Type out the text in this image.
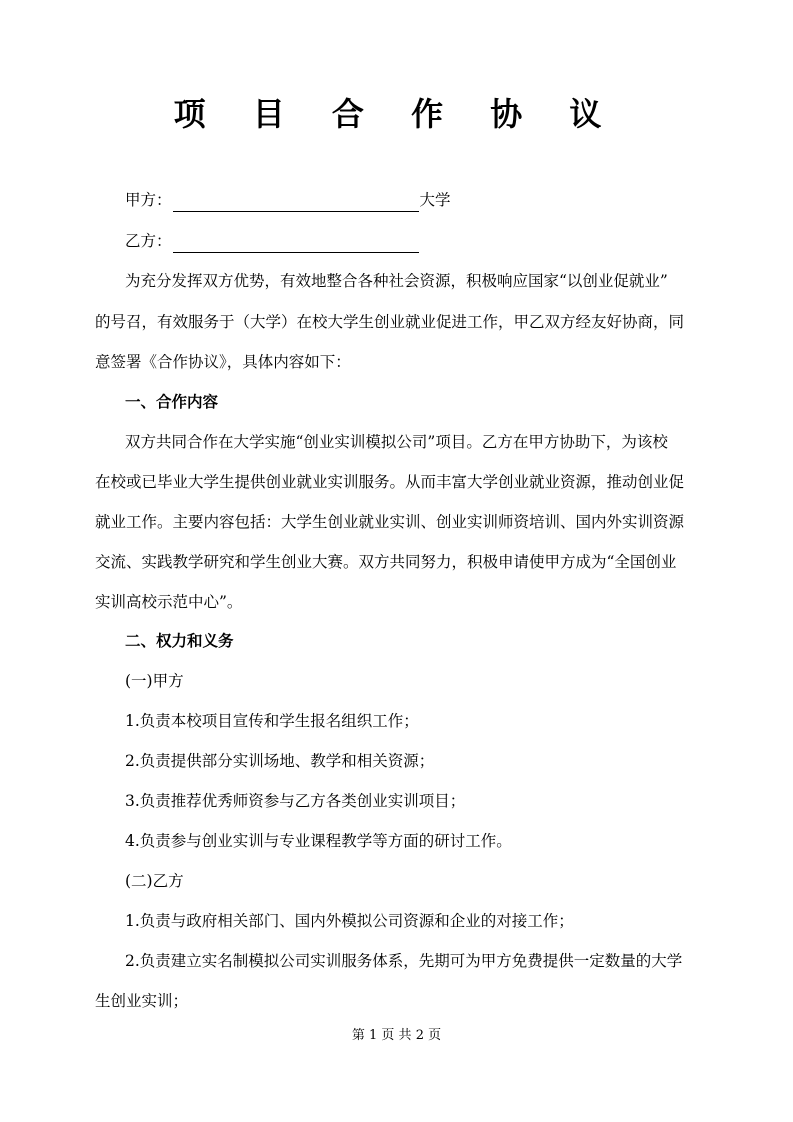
项 目 合 作 协 议
甲方：	大学
乙方：
为充分发挥双方优势，有效地整合各种社会资源，积极响应国家“以创业促就业”
的号召，有效服务于（大学）在校大学生创业就业促进工作，甲乙双方经友好协商，同
意签署《合作协议》，具体内容如下：
一、合作内容
双方共同合作在大学实施“创业实训模拟公司”项目。乙方在甲方协助下，为该校
在校或已毕业大学生提供创业就业实训服务。从而丰富大学创业就业资源，推动创业促
就业工作。主要内容包括：大学生创业就业实训、创业实训师资培训、国内外实训资源
交流、实践教学研究和学生创业大赛。双方共同努力，积极申请使甲方成为“全国创业
实训高校示范中心”。
二、权力和义务
(一)甲方
1.负责本校项目宣传和学生报名组织工作；
2.负责提供部分实训场地、教学和相关资源；
3.负责推荐优秀师资参与乙方各类创业实训项目；
4.负责参与创业实训与专业课程教学等方面的研讨工作。
(二)乙方
1.负责与政府相关部门、国内外模拟公司资源和企业的对接工作；
2.负责建立实名制模拟公司实训服务体系，先期可为甲方免费提供一定数量的大学
生创业实训；
第 1 页 共 2 页
